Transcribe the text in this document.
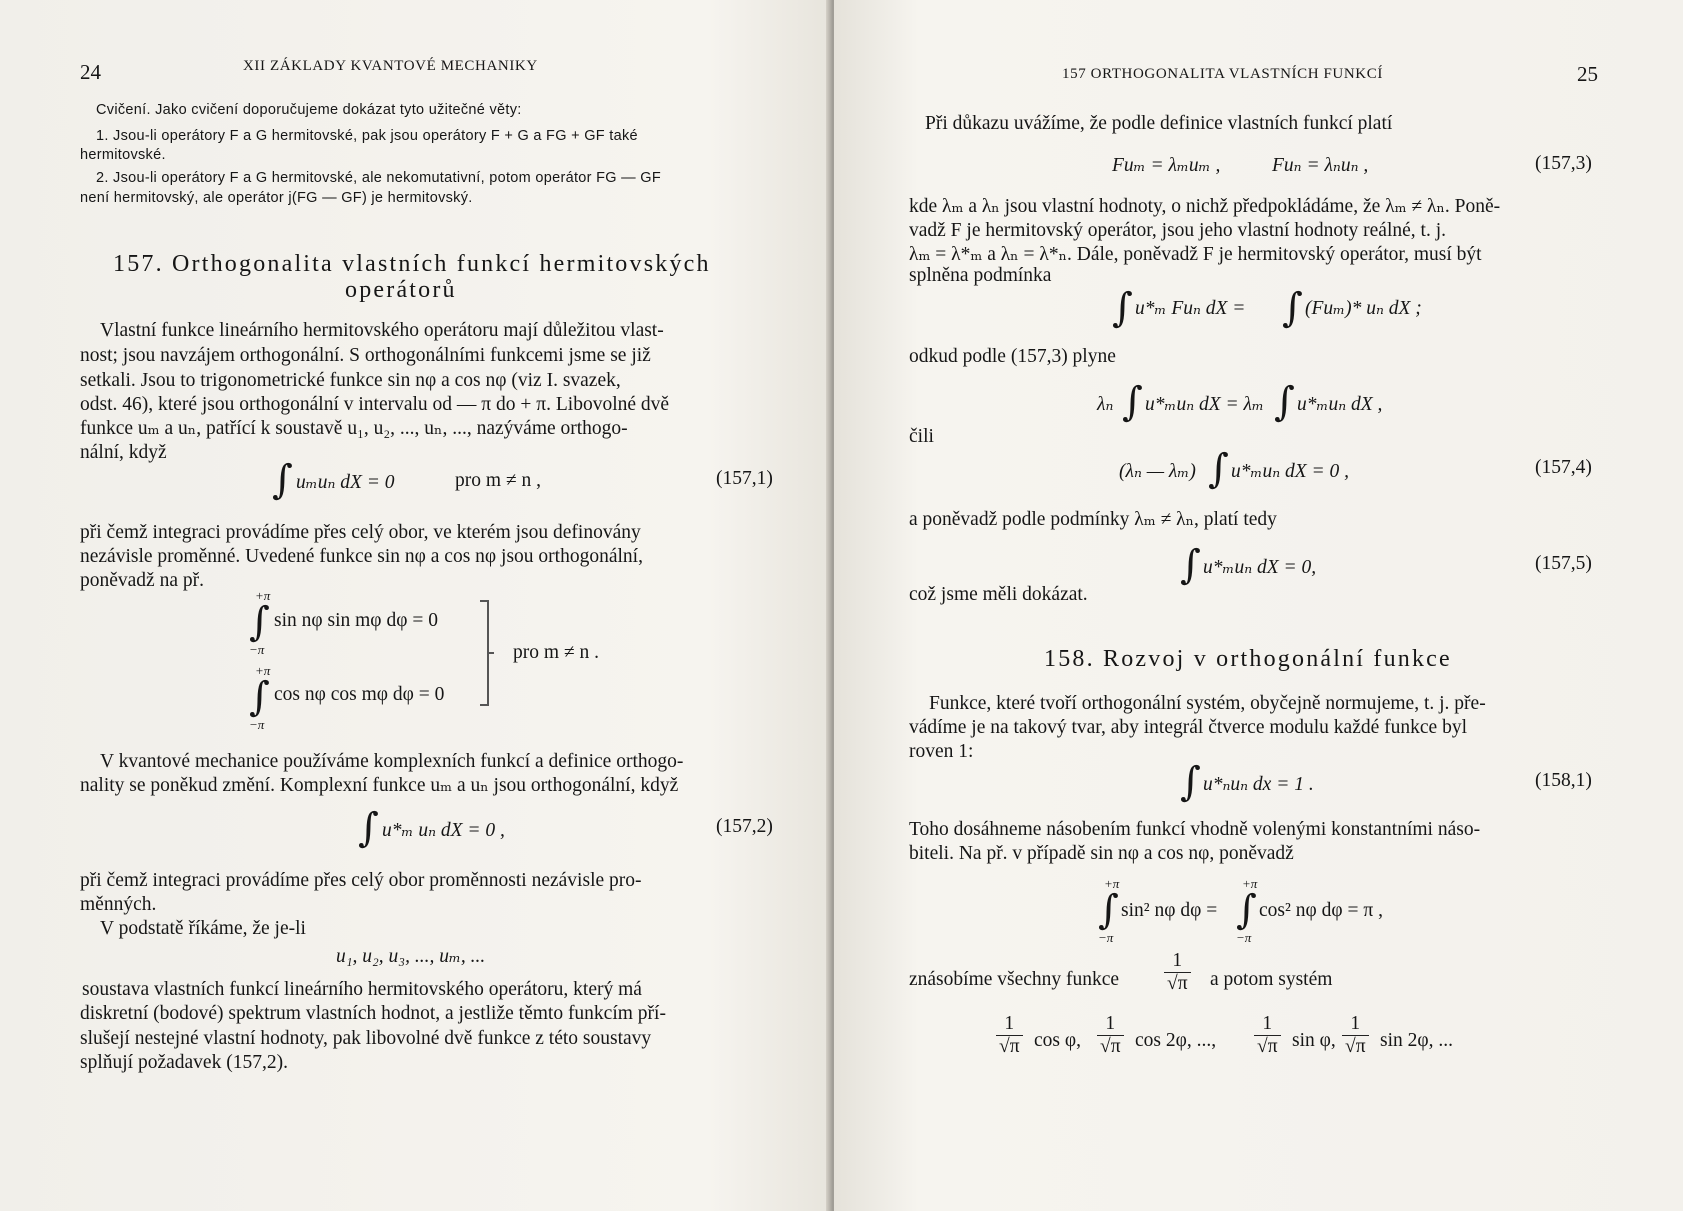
24	XII ZÁKLADY KVANTOVÉ MECHANIKY
Cvičení. Jako cvičení doporučujeme dokázat tyto užitečné věty:
1. Jsou-li operátory F a G hermitovské, pak jsou operátory F + G a FG + GF také
hermitovské.
2. Jsou-li operátory F a G hermitovské, ale nekomutativní, potom operátor FG — GF
není hermitovský, ale operátor j(FG — GF) je hermitovský.
157. Orthogonalita vlastních funkcí hermitovských
operátorů
Vlastní funkce lineárního hermitovského operátoru mají důležitou vlast-
nost; jsou navzájem orthogonální. S orthogonálními funkcemi jsme se již
setkali. Jsou to trigonometrické funkce sin nφ a cos nφ (viz I. svazek,
odst. 46), které jsou orthogonální v intervalu od — π do + π. Libovolné dvě
funkce uₘ a uₙ, patřící k soustavě u₁, u₂, ..., uₙ, ..., nazýváme orthogo-
nální, když
∫ uₘuₙ dX = 0	pro m ≠ n ,	(157,1)
při čemž integraci provádíme přes celý obor, ve kterém jsou definovány
nezávisle proměnné. Uvedené funkce sin nφ a cos nφ jsou orthogonální,
poněvadž na př.
+π
∫ sin nφ sin mφ dφ = 0
−π
+π
∫ cos nφ cos mφ dφ = 0
−π
pro m ≠ n .
V kvantové mechanice používáme komplexních funkcí a definice orthogo-
nality se poněkud změní. Komplexní funkce uₘ a uₙ jsou orthogonální, když
∫ u*ₘ uₙ dX = 0 ,	(157,2)
při čemž integraci provádíme přes celý obor proměnnosti nezávisle pro-
měnných.
V podstatě říkáme, že je-li
u₁, u₂, u₃, ..., uₘ, ...
soustava vlastních funkcí lineárního hermitovského operátoru, který má
diskretní (bodové) spektrum vlastních hodnot, a jestliže těmto funkcím pří-
slušejí nestejné vlastní hodnoty, pak libovolné dvě funkce z této soustavy
splňují požadavek (157,2).
157 ORTHOGONALITA VLASTNÍCH FUNKCÍ	25
Při důkazu uvážíme, že podle definice vlastních funkcí platí
Fuₘ = λₘuₘ ,	Fuₙ = λₙuₙ ,	(157,3)
kde λₘ a λₙ jsou vlastní hodnoty, o nichž předpokládáme, že λₘ ≠ λₙ. Poně-
vadž F je hermitovský operátor, jsou jeho vlastní hodnoty reálné, t. j.
λₘ = λ*ₘ a λₙ = λ*ₙ. Dále, poněvadž F je hermitovský operátor, musí být
splněna podmínka
∫ u*ₘ Fuₙ dX = ∫ (Fuₘ)* uₙ dX ;
odkud podle (157,3) plyne
λₙ ∫ u*ₘuₙ dX = λₘ ∫ u*ₘuₙ dX ,
čili
(λₙ — λₘ) ∫ u*ₘuₙ dX = 0 ,	(157,4)
a poněvadž podle podmínky λₘ ≠ λₙ, platí tedy
∫ u*ₘuₙ dX = 0,	(157,5)
což jsme měli dokázat.
158. Rozvoj v orthogonální funkce
Funkce, které tvoří orthogonální systém, obyčejně normujeme, t. j. pře-
vádíme je na takový tvar, aby integrál čtverce modulu každé funkce byl
roven 1:
∫ u*ₙuₙ dx = 1 .	(158,1)
Toho dosáhneme násobením funkcí vhodně volenými konstantními náso-
biteli. Na př. v případě sin nφ a cos nφ, poněvadž
+π
∫ sin² nφ dφ =
−π
+π
∫ cos² nφ dφ = π ,
−π
znásobíme všechny funkce $\frac{1}{√\pi}$ a potom systém
$\frac{1}{√\pi}$ cos φ, $\frac{1}{√\pi}$ cos 2φ, ..., $\frac{1}{√\pi}$ sin φ, $\frac{1}{√\pi}$ sin 2φ, ...
